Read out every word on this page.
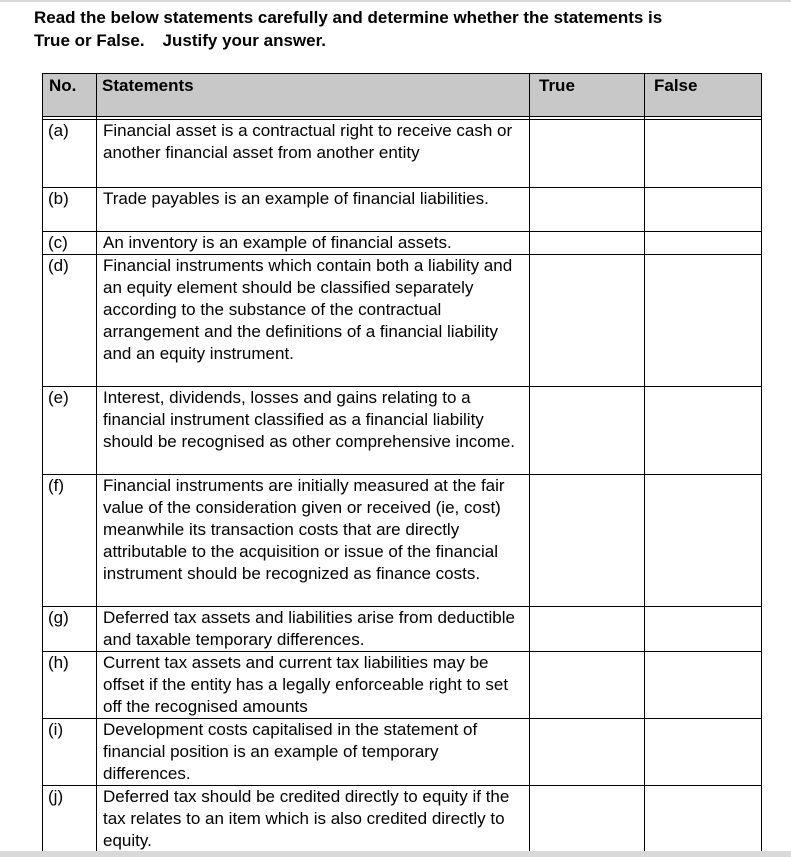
Read the below statements carefully and determine whether the statements is

True or False. Justify your answer.

No.	Statements	True	False

(a)	Financial asset is a contractual right to receive cash or another financial asset from another entity		
(b)	Trade payables is an example of financial liabilities.		
(c)	An inventory is an example of financial assets.		
(d)	Financial instruments which contain both a liability and an equity element should be classified separately according to the substance of the contractual arrangement and the definitions of a financial liability and an equity instrument.		
(e)	Interest, dividends, losses and gains relating to a financial instrument classified as a financial liability should be recognised as other comprehensive income.		
(f)	Financial instruments are initially measured at the fair value of the consideration given or received (ie, cost) meanwhile its transaction costs that are directly attributable to the acquisition or issue of the financial instrument should be recognized as finance costs.		
(g)	Deferred tax assets and liabilities arise from deductible and taxable temporary differences.		
(h)	Current tax assets and current tax liabilities may be offset if the entity has a legally enforceable right to set off the recognised amounts		
(i)	Development costs capitalised in the statement of financial position is an example of temporary differences.		
(j)	Deferred tax should be credited directly to equity if the tax relates to an item which is also credited directly to equity.		
